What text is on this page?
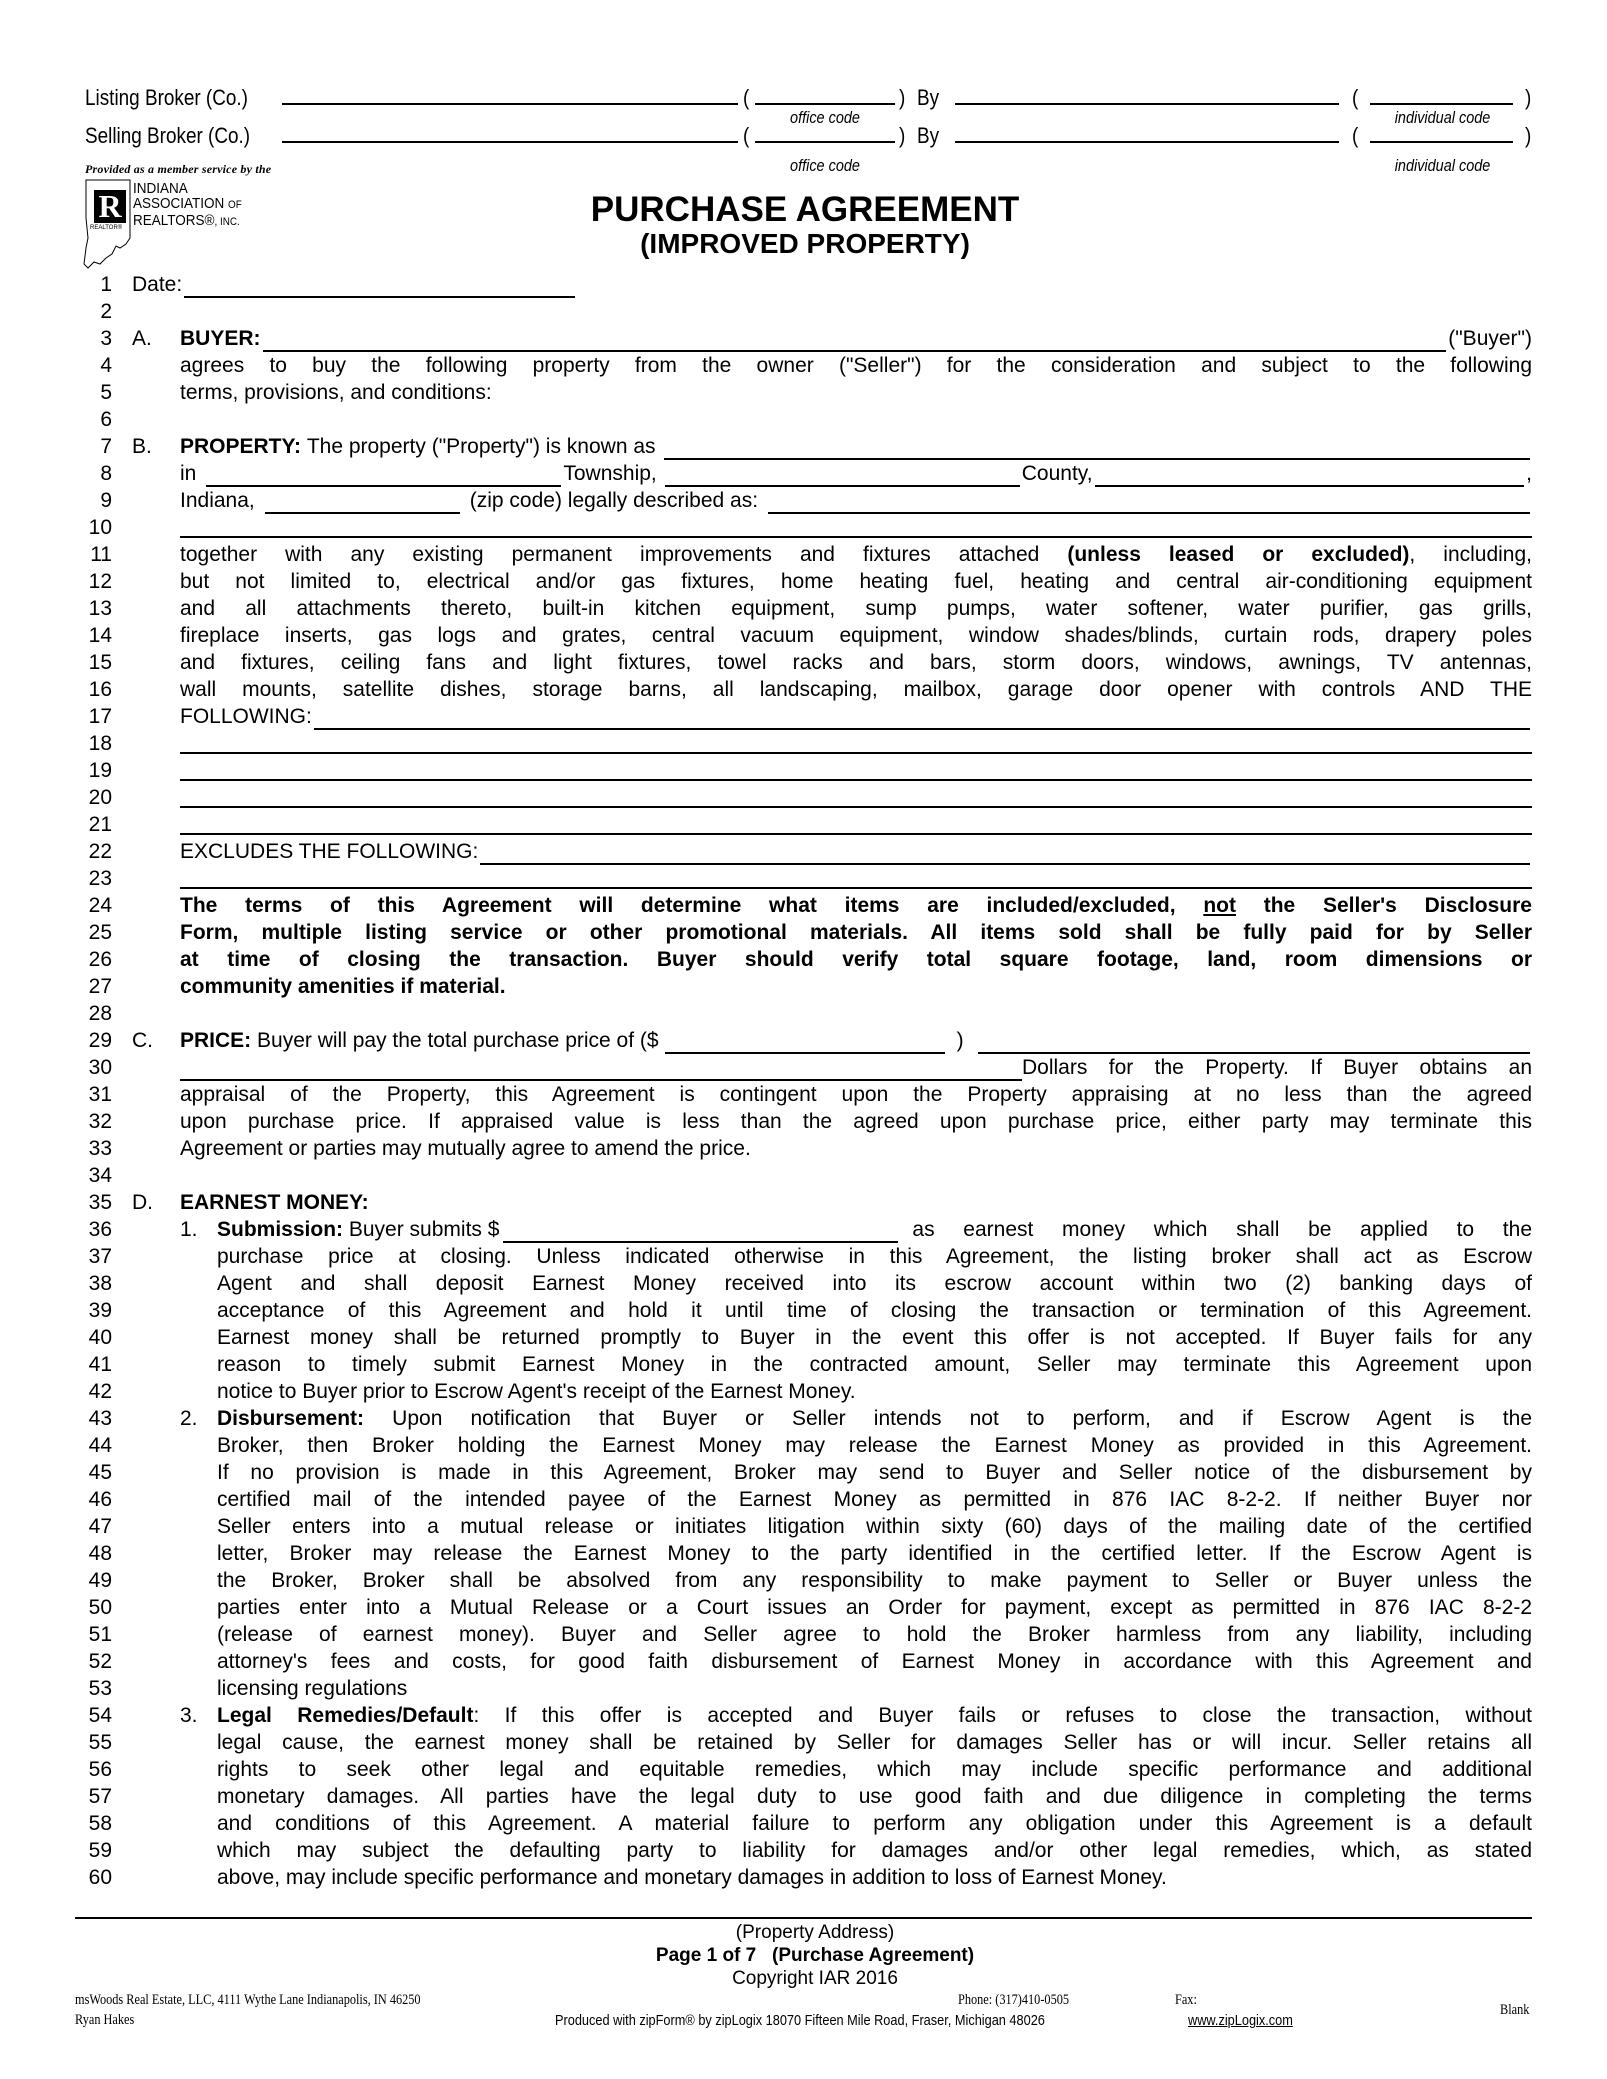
Listing Broker (Co.)	(	) By	(	)
office code	individual code
Selling Broker (Co.)	(	) By	(	)
office code	individual code
Provided as a member service by the
R
REALTOR®
INDIANA
ASSOCIATION OF
REALTORS®, INC.	PURCHASE AGREEMENT
(IMPROVED PROPERTY)
1
2
3
4
5
6
7
8
9
10
11
12
13
14
15
16
17
18
19
20
21
22
23
24
25
26
27
28
29
30
31
32
33
34
35
36
37
38
39
40
41
42
43
44
45
46
47
48
49
50
51
52
53
54
55
56
57
58
59
60
Date:
A. BUYER:	("Buyer")
agrees to buy the following property from the owner ("Seller") for the consideration and subject to the following
terms, provisions, and conditions:
B. PROPERTY:
The property ("Property") is known as
in	Township,	County,	,
Indiana,	(zip code) legally described as:
together with any existing permanent improvements and fixtures attached (unless leased or excluded), including,
but not limited to, electrical and/or gas fixtures, home heating fuel, heating and central air-conditioning equipment
and all attachments thereto, built-in kitchen equipment, sump pumps, water softener, water purifier, gas grills,
fireplace inserts, gas logs and grates, central vacuum equipment, window shades/blinds, curtain rods, drapery poles
and fixtures, ceiling fans and light fixtures, towel racks and bars, storm doors, windows, awnings, TV antennas,
wall mounts, satellite dishes, storage barns, all landscaping, mailbox, garage door opener with controls AND THE
FOLLOWING:
EXCLUDES THE FOLLOWING:
The terms of this Agreement will determine what items are included/excluded, not the Seller's Disclosure
Form, multiple listing service or other promotional materials. All items sold shall be fully paid for by Seller
at time of closing the transaction. Buyer should verify total square footage, land, room dimensions or
community amenities if material.
C. PRICE:
Buyer will pay the total purchase price of ($	)
Dollars for the Property. If Buyer obtains an
appraisal of the Property, this Agreement is contingent upon the Property appraising at no less than the agreed
upon purchase price. If appraised value is less than the agreed upon purchase price, either party may terminate this
Agreement or parties may mutually agree to amend the price.
D. EARNEST MONEY:
1. Submission:
Buyer submits $	as earnest money which shall be applied to the
purchase price at closing. Unless indicated otherwise in this Agreement, the listing broker shall act as Escrow
Agent and shall deposit Earnest Money received into its escrow account within two (2) banking days of
acceptance of this Agreement and hold it until time of closing the transaction or termination of this Agreement.
Earnest money shall be returned promptly to Buyer in the event this offer is not accepted. If Buyer fails for any
reason to timely submit Earnest Money in the contracted amount, Seller may terminate this Agreement upon
notice to Buyer prior to Escrow Agent's receipt of the Earnest Money.
2. Disbursement: Upon notification that Buyer or Seller intends not to perform, and if Escrow Agent is the
Broker, then Broker holding the Earnest Money may release the Earnest Money as provided in this Agreement.
If no provision is made in this Agreement, Broker may send to Buyer and Seller notice of the disbursement by
certified mail of the intended payee of the Earnest Money as permitted in 876 IAC 8-2-2. If neither Buyer nor
Seller enters into a mutual release or initiates litigation within sixty (60) days of the mailing date of the certified
letter, Broker may release the Earnest Money to the party identified in the certified letter. If the Escrow Agent is
the Broker, Broker shall be absolved from any responsibility to make payment to Seller or Buyer unless the
parties enter into a Mutual Release or a Court issues an Order for payment, except as permitted in 876 IAC 8-2-2
(release of earnest money). Buyer and Seller agree to hold the Broker harmless from any liability, including
attorney's fees and costs, for good faith disbursement of Earnest Money in accordance with this Agreement and
licensing regulations
3. Legal Remedies/Default: If this offer is accepted and Buyer fails or refuses to close the transaction, without
legal cause, the earnest money shall be retained by Seller for damages Seller has or will incur. Seller retains all
rights to seek other legal and equitable remedies, which may include specific performance and additional
monetary damages. All parties have the legal duty to use good faith and due diligence in completing the terms
and conditions of this Agreement. A material failure to perform any obligation under this Agreement is a default
which may subject the defaulting party to liability for damages and/or other legal remedies, which, as stated
above, may include specific performance and monetary damages in addition to loss of Earnest Money.
(Property Address)
Page 1 of 7   (Purchase Agreement)
Copyright IAR 2016
msWoods Real Estate, LLC, 4111 Wythe Lane Indianapolis, IN 46250
Ryan Hakes
Phone: (317)410-0505	Fax:
Blank
Produced with zipForm® by zipLogix 18070 Fifteen Mile Road, Fraser, Michigan 48026	www.zipLogix.com
